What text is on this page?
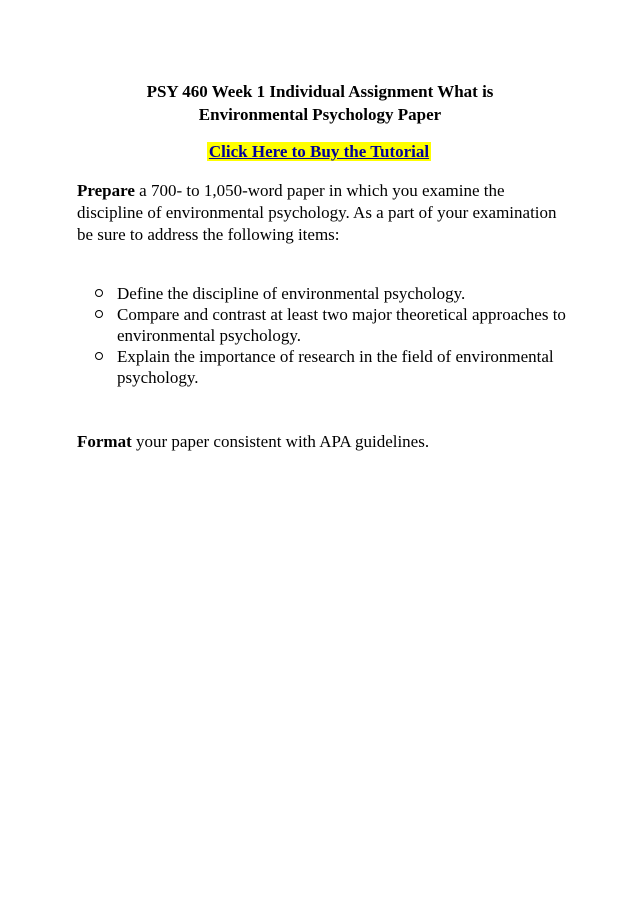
PSY 460 Week 1 Individual Assignment What is
Environmental Psychology Paper
Click Here to Buy the Tutorial

Prepare a 700- to 1,050-word paper in which you examine the discipline of environmental psychology. As a part of your examination be sure to address the following items:

Define the discipline of environmental psychology.
Compare and contrast at least two major theoretical approaches to environmental psychology.
Explain the importance of research in the field of environmental psychology.

Format your paper consistent with APA guidelines.
